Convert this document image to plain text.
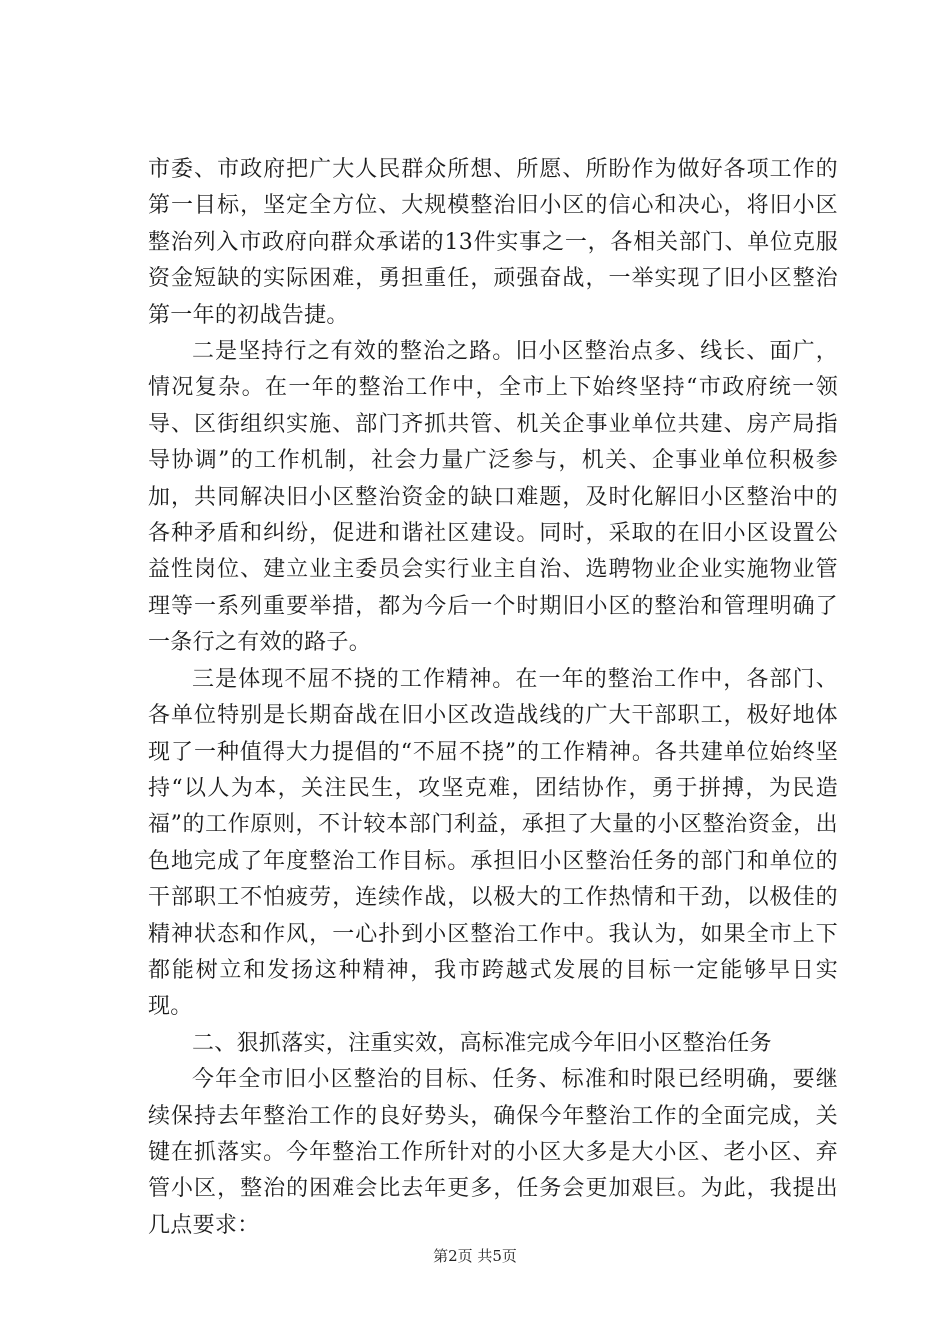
市委、市政府把广大人民群众所想、所愿、所盼作为做好各项工作的第一目标，坚定全方位、大规模整治旧小区的信心和决心，将旧小区整治列入市政府向群众承诺的13件实事之一，各相关部门、单位克服资金短缺的实际困难，勇担重任，顽强奋战，一举实现了旧小区整治第一年的初战告捷。

二是坚持行之有效的整治之路。旧小区整治点多、线长、面广，情况复杂。在一年的整治工作中，全市上下始终坚持“市政府统一领导、区街组织实施、部门齐抓共管、机关企事业单位共建、房产局指导协调”的工作机制，社会力量广泛参与，机关、企事业单位积极参加，共同解决旧小区整治资金的缺口难题，及时化解旧小区整治中的各种矛盾和纠纷，促进和谐社区建设。同时，采取的在旧小区设置公益性岗位、建立业主委员会实行业主自治、选聘物业企业实施物业管理等一系列重要举措，都为今后一个时期旧小区的整治和管理明确了一条行之有效的路子。

三是体现不屈不挠的工作精神。在一年的整治工作中，各部门、各单位特别是长期奋战在旧小区改造战线的广大干部职工，极好地体现了一种值得大力提倡的“不屈不挠”的工作精神。各共建单位始终坚持“以人为本，关注民生，攻坚克难，团结协作，勇于拼搏，为民造福”的工作原则，不计较本部门利益，承担了大量的小区整治资金，出色地完成了年度整治工作目标。承担旧小区整治任务的部门和单位的干部职工不怕疲劳，连续作战，以极大的工作热情和干劲，以极佳的精神状态和作风，一心扑到小区整治工作中。我认为，如果全市上下都能树立和发扬这种精神，我市跨越式发展的目标一定能够早日实现。

二、狠抓落实，注重实效，高标准完成今年旧小区整治任务

今年全市旧小区整治的目标、任务、标准和时限已经明确，要继续保持去年整治工作的良好势头，确保今年整治工作的全面完成，关键在抓落实。今年整治工作所针对的小区大多是大小区、老小区、弃管小区，整治的困难会比去年更多，任务会更加艰巨。为此，我提出几点要求：

第2页 共5页
